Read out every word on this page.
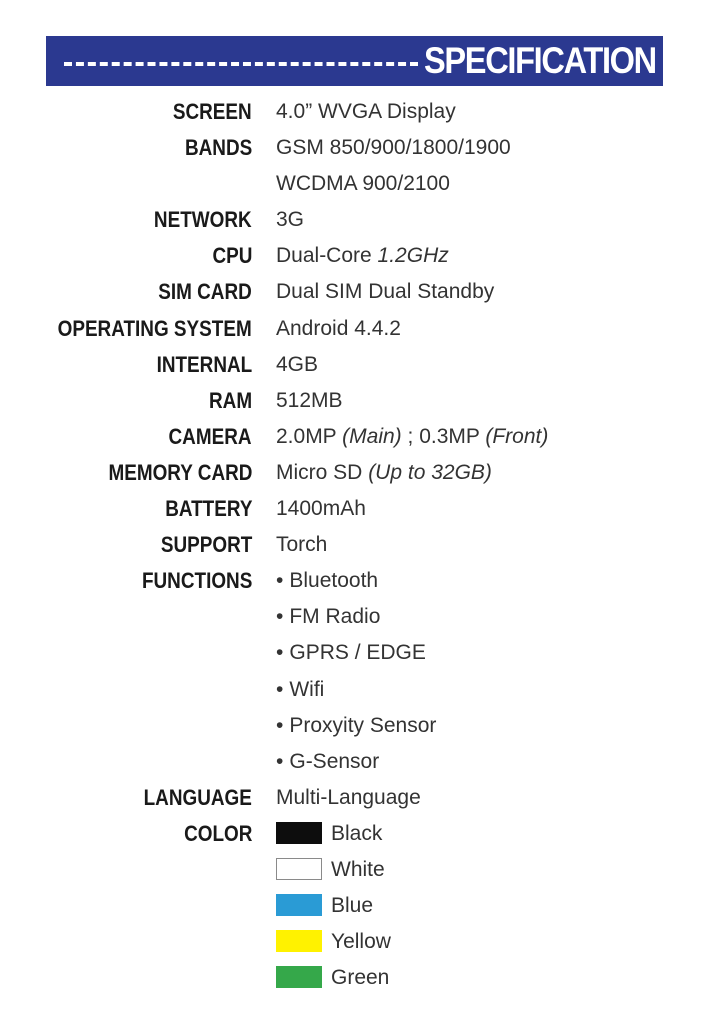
SPECIFICATION
SCREEN 4.0” WVGA Display
BANDS GSM 850/900/1800/1900
WCDMA 900/2100
NETWORK 3G
CPU Dual-Core 1.2GHz
SIM CARD Dual SIM Dual Standby
OPERATING SYSTEM Android 4.4.2
INTERNAL 4GB
RAM 512MB
CAMERA 2.0MP (Main) ; 0.3MP (Front)
MEMORY CARD Micro SD (Up to 32GB)
BATTERY 1400mAh
SUPPORT Torch
FUNCTIONS • Bluetooth
• FM Radio
• GPRS / EDGE
• Wifi
• Proxyity Sensor
• G-Sensor
LANGUAGE Multi-Language
COLOR	Black
White
Blue
Yellow
Green
